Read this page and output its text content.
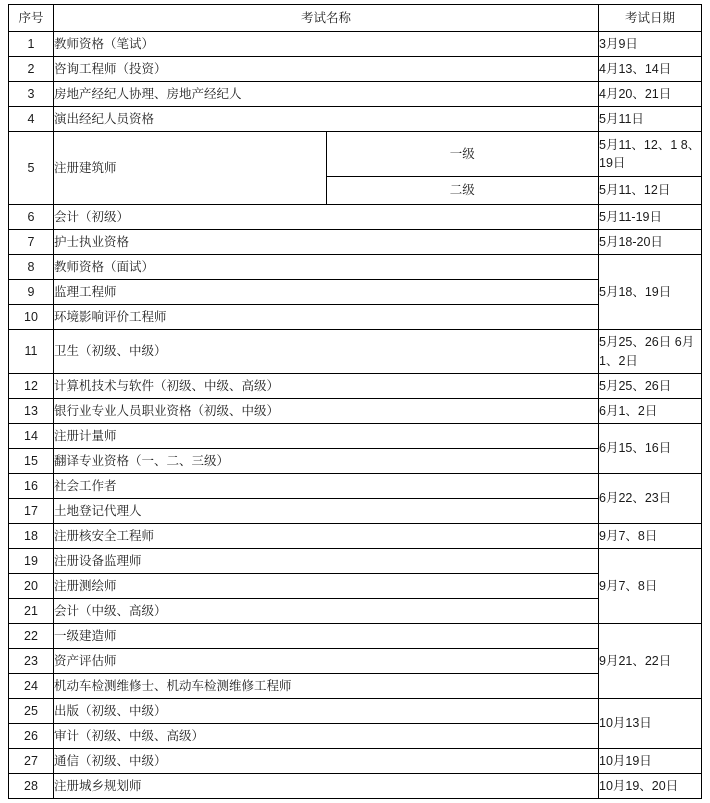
序号	考试名称		考试日期
1	教师资格（笔试）		3月9日
2	咨询工程师（投资）		4月13、14日
3	房地产经纪人协理、房地产经纪人		4月20、21日
4	演出经纪人员资格		5月11日
5	注册建筑师	一级	5月11、12、1 8、19日
		二级	5月11、12日
6	会计（初级）		5月11-19日
7	护士执业资格		5月18-20日
8	教师资格（面试）		5月18、19日
9	监理工程师		
10	环境影响评价工程师		
11	卫生（初级、中级）		5月25、26日 6月1、2日
12	计算机技术与软件（初级、中级、高级）		5月25、26日
13	银行业专业人员职业资格（初级、中级）		6月1、2日
14	注册计量师		6月15、16日
15	翻译专业资格（一、二、三级）		
16	社会工作者		6月22、23日
17	土地登记代理人		
18	注册核安全工程师		9月7、8日
19	注册设备监理师		9月7、8日
20	注册测绘师		
21	会计（中级、高级）		
22	一级建造师		9月21、22日
23	资产评估师		
24	机动车检测维修士、机动车检测维修工程师		
25	出版（初级、中级）		10月13日
26	审计（初级、中级、高级）		
27	通信（初级、中级）		10月19日
28	注册城乡规划师		10月19、20日
